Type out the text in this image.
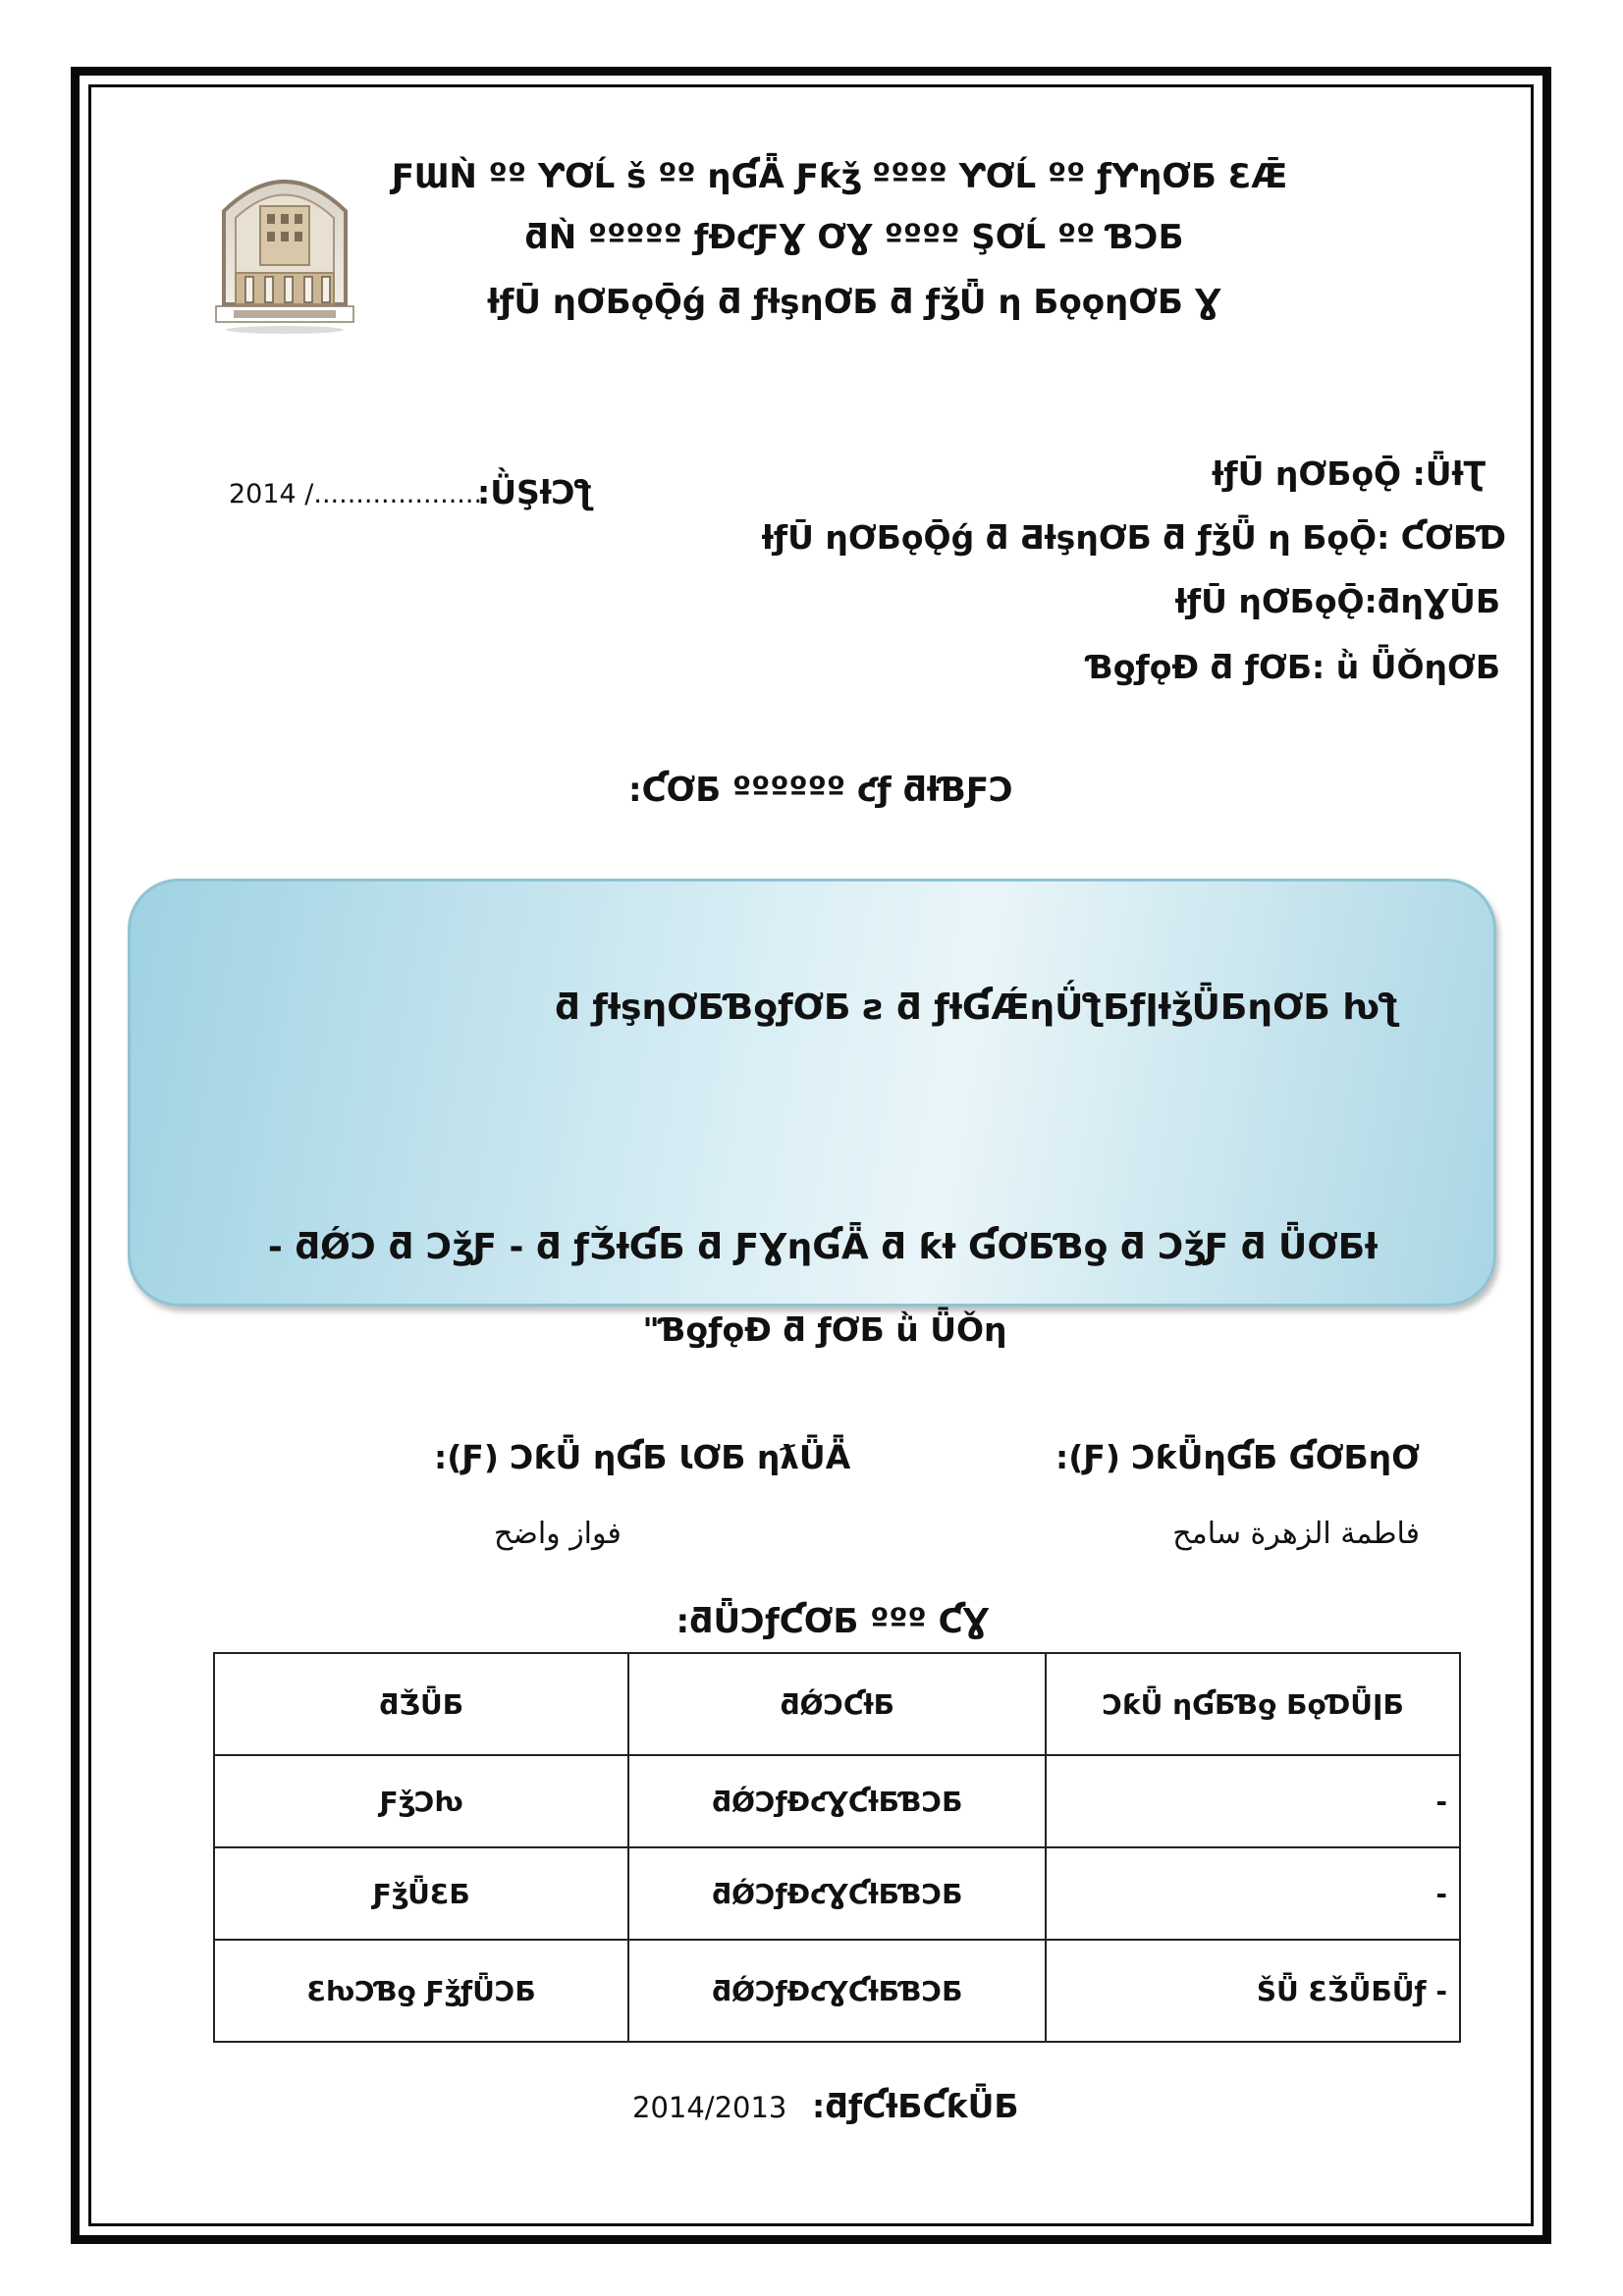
ƑƜǸ ºº ƳƠĹ š ºº ƞƓǞ Ƒƙǯ ºººº ƳƠĹ ºº ƒƳƞƠƂ ƐǢ
ƌǸ ººººº ƒƉƈƑƔ ƠƔ ºººº ŞƠĹ ºº ƁƆƂ
ƚƒŪ ƞƠƂǫǬǵ ƌ ƒƚşƞƠƂ ƌ ƒǯǕ ƞ ƂǫǫƞƠƂ Ɣ
2014 /....................
:ǛŞƚƆƪ	ƚƒŪ ƞƠƂǫǬ :ǕƚƮ
ƚƒŪ ƞƠƂǫǬǵ ƌ ƋƚşƞƠƂ ƌ ƒǯǕ ƞ ƂǫǬ: ƇƠƂƊ
ƚƒŪ ƞƠƂǫǬ:ƌƞƔŪƂ
ƁƍƒǫƉ ƌ ƒƠƂ: ǜ ǕǑƞƠƂ
:ƇƠƂ ºººººº ƈƒ ƌƚƁƑƆ
ƌ ƒƚşƞƠƂƁƍƒƠƂ ƨ ƌ ƒƚƓǼƞǗƪƂƒǀƚǯǕƂƞƠƂ ƕƪ
- ƌǾƆ ƌ ƆǯƑ - ƌ ƒǮƚƓƂ ƌ ƑƔƞƓǞ ƌ ƙƗ ƓƠƂƁƍ ƌ ƆǯƑ ƌ ǕƠƂƚ
"ƁƍƒǫƉ ƌ ƒƠƂ ǜ ǕǑƞ
:(Ƒ) ƆƙǕƞƓƂ ƓƠƂƞƠ
:(Ƒ) ƆƙǕ ƞƓƂ ƖƠƂ ƞƛǕǞ
فاطمة الزهرة سامح
فواز واضح
:ƌǕƆƒƇƠƂ ººº ƇƔ
ƌǮǕƂ	ƌǾƆƇƚƂ	ƆƙǕ ƞƓƂƁƍ ƂǫƊǕǀƂ
ƑǯƆƕ	ƌǾƆƒƉƈƔƇƚƂƁƆƂ	-
ƑǯǕƐƂ	ƌǾƆƒƉƈƔƇƚƂƁƆƂ	-
ƐƕƆƁƍ ƑǯƒǕƆƂ	ƌǾƆƒƉƈƔƇƚƂƁƆƂ	ŠǕ ƐǮǕƂǕƒ -
2014/2013 :ƌƒƇƚƂƇƙǕƂ
